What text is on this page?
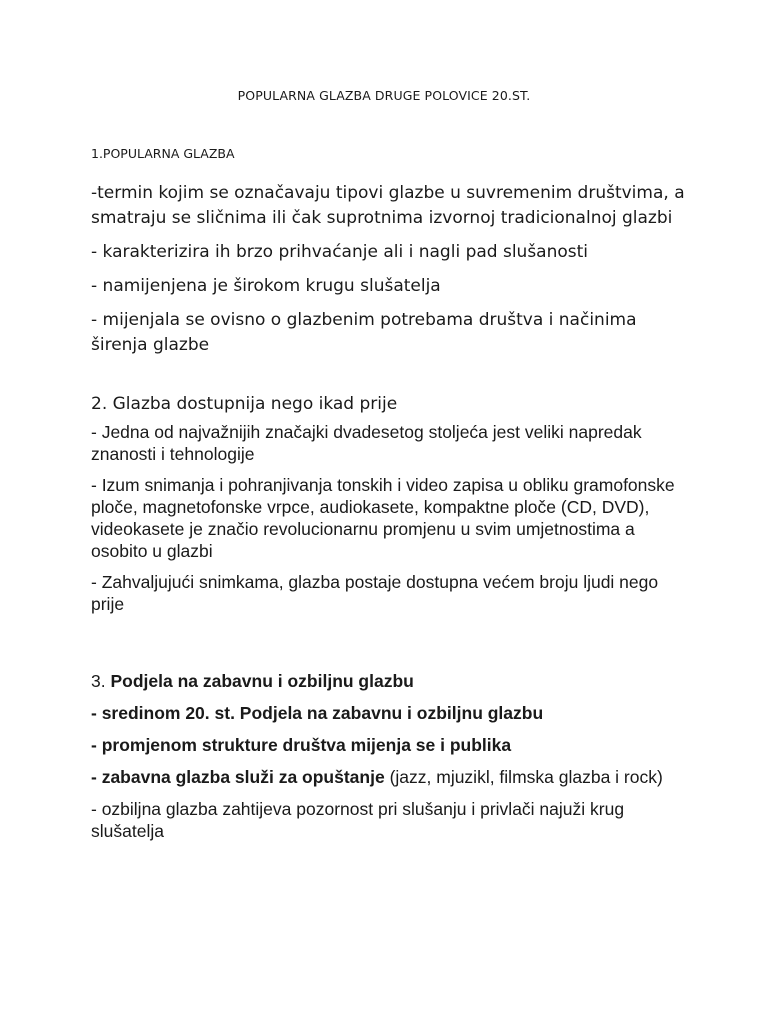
POPULARNA GLAZBA DRUGE POLOVICE 20.ST.
1.POPULARNA GLAZBA
-termin kojim se označavaju tipovi glazbe u suvremenim društvima, a smatraju se sličnima ili čak suprotnima izvornoj tradicionalnoj glazbi
- karakterizira ih brzo prihvaćanje ali i nagli pad slušanosti
- namijenjena je širokom krugu slušatelja
- mijenjala se ovisno o glazbenim potrebama društva i načinima širenja glazbe
2. Glazba dostupnija nego ikad prije
- Jedna od najvažnijih značajki dvadesetog stoljeća jest veliki napredak znanosti i tehnologije
- Izum snimanja i pohranjivanja tonskih i video zapisa u obliku gramofonske ploče, magnetofonske vrpce, audiokasete, kompaktne ploče (CD, DVD), videokasete je značio revolucionarnu promjenu u svim umjetnostima a osobito u glazbi
- Zahvaljujući snimkama, glazba postaje dostupna većem broju ljudi nego prije
3. Podjela na zabavnu i ozbiljnu glazbu
- sredinom 20. st. Podjela na zabavnu i ozbiljnu glazbu
- promjenom strukture društva mijenja se i publika
- zabavna glazba služi za opuštanje (jazz, mjuzikl, filmska glazba i rock)
- ozbiljna glazba zahtijeva pozornost pri slušanju i privlači najuži krug slušatelja
